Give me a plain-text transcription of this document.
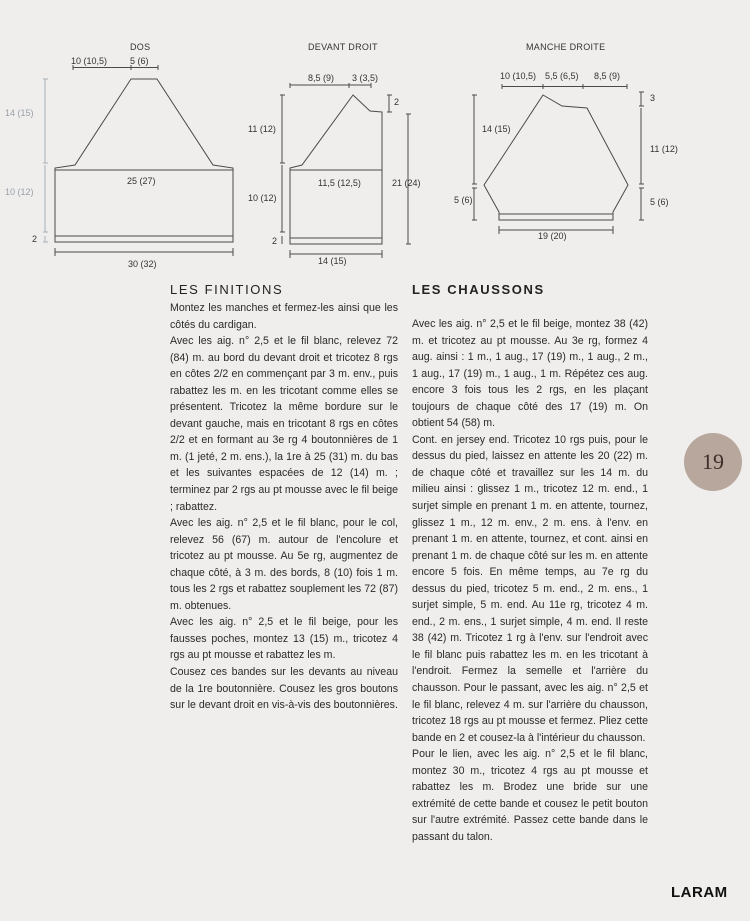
DOS
10 (10,5)	5 (6)
14 (15)
10 (12)
2
25 (27)
30 (32)
DEVANT DROIT
8,5 (9) 3 (3,5)
2
11 (12)
10 (12)
2
11,5 (12,5)	21 (24)
14 (15)
MANCHE DROITE
10 (10,5) 5,5 (6,5) 8,5 (9)
3
14 (15)
11 (12)
5 (6)	5 (6)
19 (20)
LES FINITIONS

Montez les manches et fermez-les ainsi que les côtés du cardigan.

Avec les aig. n° 2,5 et le fil blanc, relevez 72 (84) m. au bord du devant droit et tricotez 8 rgs en côtes 2/2 en commençant par 3 m. env., puis rabattez les m. en les tricotant comme elles se présentent. Tricotez la même bordure sur le devant gauche, mais en tricotant 8 rgs en côtes 2/2 et en formant au 3e rg 4 boutonnières de 1 m. (1 jeté, 2 m. ens.), la 1re à 25 (31) m. du bas et les suivantes espacées de 12 (14) m. ; terminez par 2 rgs au pt mousse avec le fil beige ; rabattez.

Avec les aig. n° 2,5 et le fil blanc, pour le col, relevez 56 (67) m. autour de l'encolure et tricotez au pt mousse. Au 5e rg, augmentez de chaque côté, à 3 m. des bords, 8 (10) fois 1 m. tous les 2 rgs et rabattez souplement les 72 (87) m. obtenues.

Avec les aig. n° 2,5 et le fil beige, pour les fausses poches, montez 13 (15) m., tricotez 4 rgs au pt mousse et rabattez les m.

Cousez ces bandes sur les devants au niveau de la 1re boutonnière. Cousez les gros boutons sur le devant droit en vis-à-vis des boutonnières.

LES CHAUSSONS

Avec les aig. n° 2,5 et le fil beige, montez 38 (42) m. et tricotez au pt mousse. Au 3e rg, formez 4 aug. ainsi : 1 m., 1 aug., 17 (19) m., 1 aug., 2 m., 1 aug., 17 (19) m., 1 aug., 1 m. Répétez ces aug. encore 3 fois tous les 2 rgs, en les plaçant toujours de chaque côté des 17 (19) m. On obtient 54 (58) m.

Cont. en jersey end. Tricotez 10 rgs puis, pour le dessus du pied, laissez en attente les 20 (22) m. de chaque côté et travaillez sur les 14 m. du milieu ainsi : glissez 1 m., tricotez 12 m. end., 1 surjet simple en prenant 1 m. en attente, tournez, glissez 1 m., 12 m. env., 2 m. ens. à l'env. en prenant 1 m. en attente, tournez, et cont. ainsi en prenant 1 m. de chaque côté sur les m. en attente encore 5 fois. En même temps, au 7e rg du dessus du pied, tricotez 5 m. end., 2 m. ens., 1 surjet simple, 5 m. end. Au 11e rg, tricotez 4 m. end., 2 m. ens., 1 surjet simple, 4 m. end. Il reste 38 (42) m. Tricotez 1 rg à l'env. sur l'endroit avec le fil blanc puis rabattez les m. en les tricotant à l'endroit. Fermez la semelle et l'arrière du chausson. Pour le passant, avec les aig. n° 2,5 et le fil blanc, relevez 4 m. sur l'arrière du chausson, tricotez 18 rgs au pt mousse et fermez. Pliez cette bande en 2 et cousez-la à l'intérieur du chausson.

Pour le lien, avec les aig. n° 2,5 et le fil blanc, montez 30 m., tricotez 4 rgs au pt mousse et rabattez les m. Brodez une bride sur une extrémité de cette bande et cousez le petit bouton sur l'autre extrémité. Passez cette bande dans le passant du talon.

19
LARAM
